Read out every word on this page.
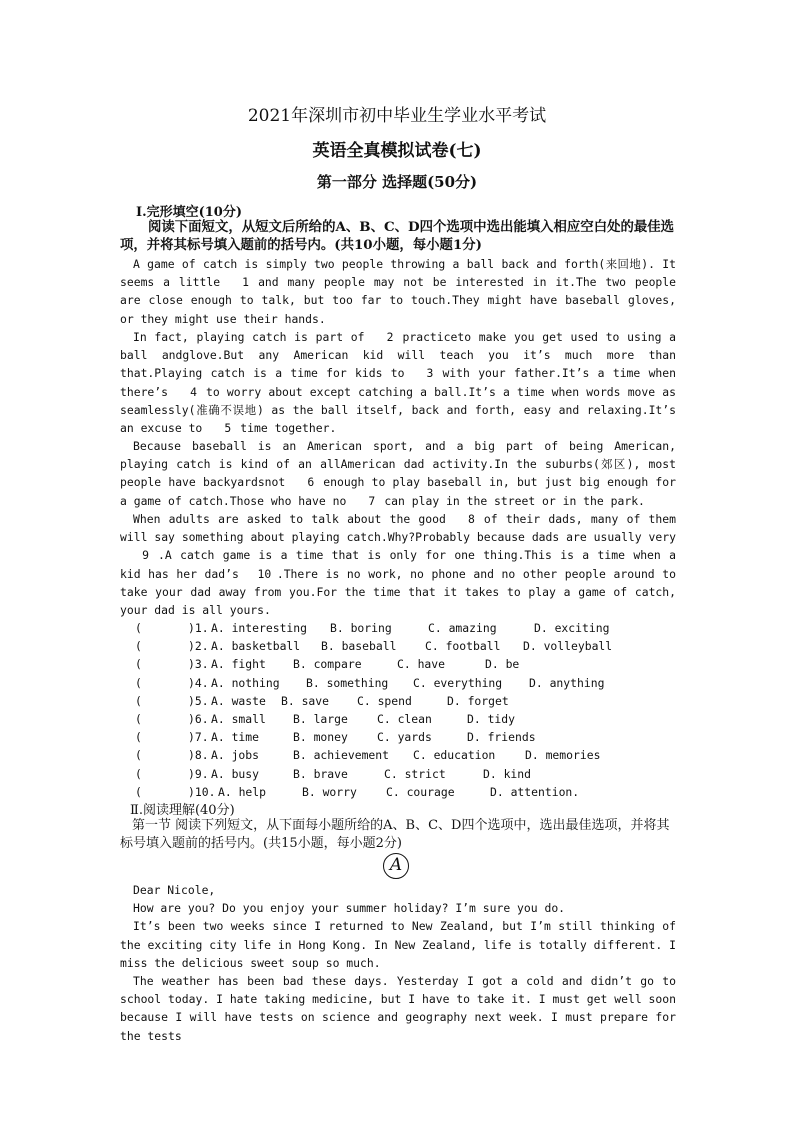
2021年深圳市初中毕业生学业水平考试
英语全真模拟试卷(七)
第一部分 选择题(50分)
Ⅰ.完形填空(10分)

阅读下面短文，从短文后所给的A、B、C、D四个选项中选出能填入相应空白处的最佳选项，并将其标号填入题前的括号内。(共10小题，每小题1分)

A game of catch is simply two people throwing a ball back and forth(来回地). It seems a little 1 and many people may not be interested in it.The two people are close enough to talk, but too far to touch.They might have baseball gloves, or they might use their hands.

In fact, playing catch is part of 2 practiceto make you get used to using a ball andglove.But any American kid will teach you it’s much more than that.Playing catch is a time for kids to 3 with your father.It’s a time when there’s 4 to worry about except catching a ball.It’s a time when words move as seamlessly(准确不误地) as the ball itself, back and forth, easy and relaxing.It’s an excuse to 5 time together.

Because baseball is an American sport, and a big part of being American, playing catch is kind of an allAmerican dad activity.In the suburbs(郊区), most people have backyardsnot 6 enough to play baseball in, but just big enough for a game of catch.Those who have no 7 can play in the street or in the park.

When adults are asked to talk about the good 8 of their dads, many of them will say something about playing catch.Why?Probably because dads are usually very9 .A catch game is a time that is only for one thing.This is a time when a kid has her dad’s 10 .There is no work, no phone and no other people around to take your dad away from you.For the time that it takes to play a game of catch, your dad is all yours.

(	)1. A. interesting	B. boring	C. amazing	D. exciting
(	)2. A. basketball	B. baseball	C. football	D. volleyball
(	)3. A. fight	B. compare	C. have	D. be
(	)4. A. nothing	B. something	C. everything	D. anything
(	)5. A. waste	B. save	C. spend	D. forget
(	)6. A. small	B. large	C. clean	D. tidy
(	)7. A. time	B. money	C. yards	D. friends
(	)8. A. jobs	B. achievement	C. education	D. memories
(	)9. A. busy	B. brave	C. strict	D. kind
(	)10. A. help	B. worry	C. courage	D. attention.
Ⅱ.阅读理解(40分)

第一节 阅读下列短文，从下面每小题所给的A、B、C、D四个选项中，选出最佳选项，并将其标号填入题前的括号内。(共15小题，每小题2分)

A

Dear Nicole,

How are you? Do you enjoy your summer holiday? I’m sure you do.

It’s been two weeks since I returned to New Zealand, but I’m still thinking of the exciting city life in Hong Kong. In New Zealand, life is totally different. I miss the delicious sweet soup so much.

The weather has been bad these days. Yesterday I got a cold and didn’t go to school today. I hate taking medicine, but I have to take it. I must get well soon because I will have tests on science and geography next week. I must prepare for the tests
